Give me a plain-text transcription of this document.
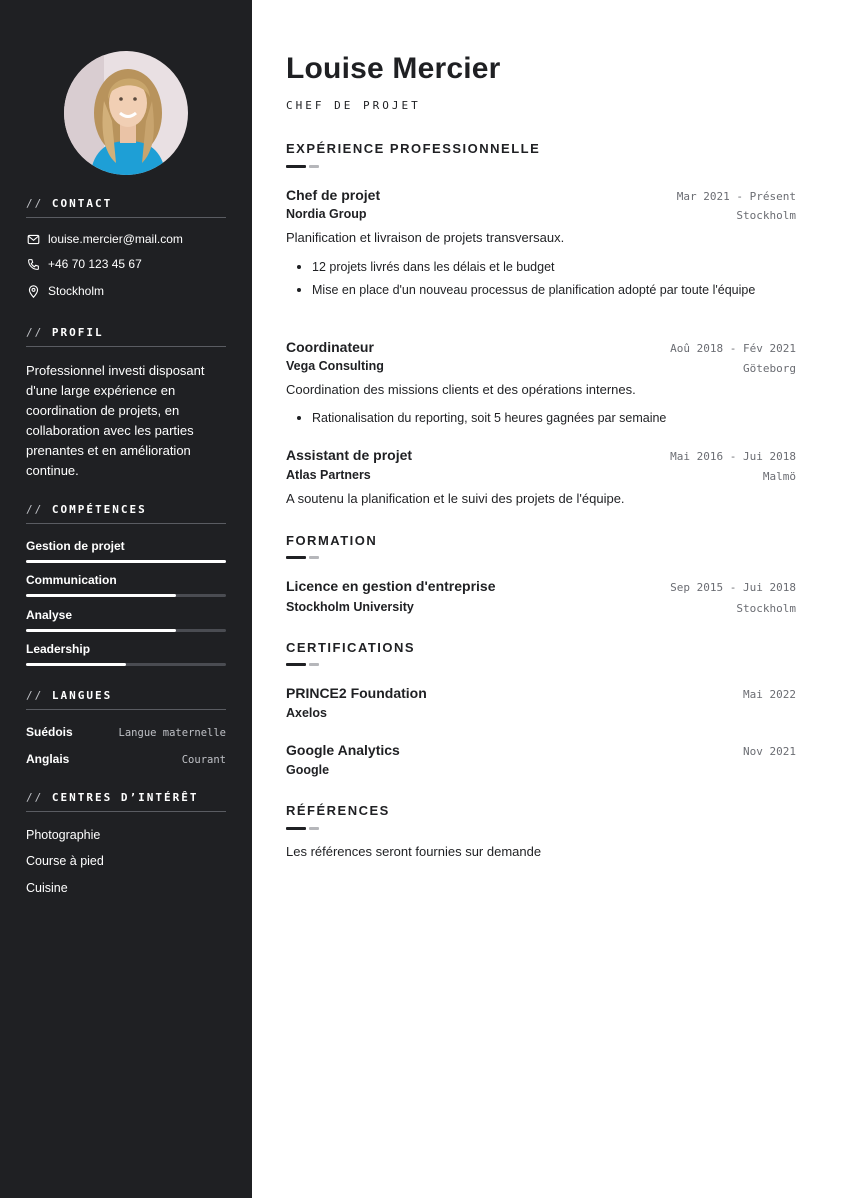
// CONTACT
louise.mercier@mail.com
+46 70 123 45 67
Stockholm
// PROFIL
Professionnel investi disposant d'une large expérience en coordination de projets, en collaboration avec les parties prenantes et en amélioration continue.
// COMPÉTENCES
Gestion de projet
Communication
Analyse
Leadership
// LANGUES
Suédois	Langue maternelle
Anglais	Courant
// CENTRES D’INTÉRÊT
Photographie
Course à pied
Cuisine
Louise Mercier
CHEF DE PROJET
EXPÉRIENCE PROFESSIONNELLE
Chef de projet	Mar 2021 - Présent
Nordia Group	Stockholm
Planification et livraison de projets transversaux.
12 projets livrés dans les délais et le budget
Mise en place d'un nouveau processus de planification adopté par toute l'équipe
Coordinateur	Aoû 2018 - Fév 2021
Vega Consulting	Göteborg
Coordination des missions clients et des opérations internes.
Rationalisation du reporting, soit 5 heures gagnées par semaine
Assistant de projet	Mai 2016 - Jui 2018
Atlas Partners	Malmö
A soutenu la planification et le suivi des projets de l'équipe.
FORMATION
Licence en gestion d'entreprise	Sep 2015 - Jui 2018
Stockholm University	Stockholm
CERTIFICATIONS
PRINCE2 Foundation	Mai 2022
Axelos
Google Analytics	Nov 2021
Google
RÉFÉRENCES
Les références seront fournies sur demande
